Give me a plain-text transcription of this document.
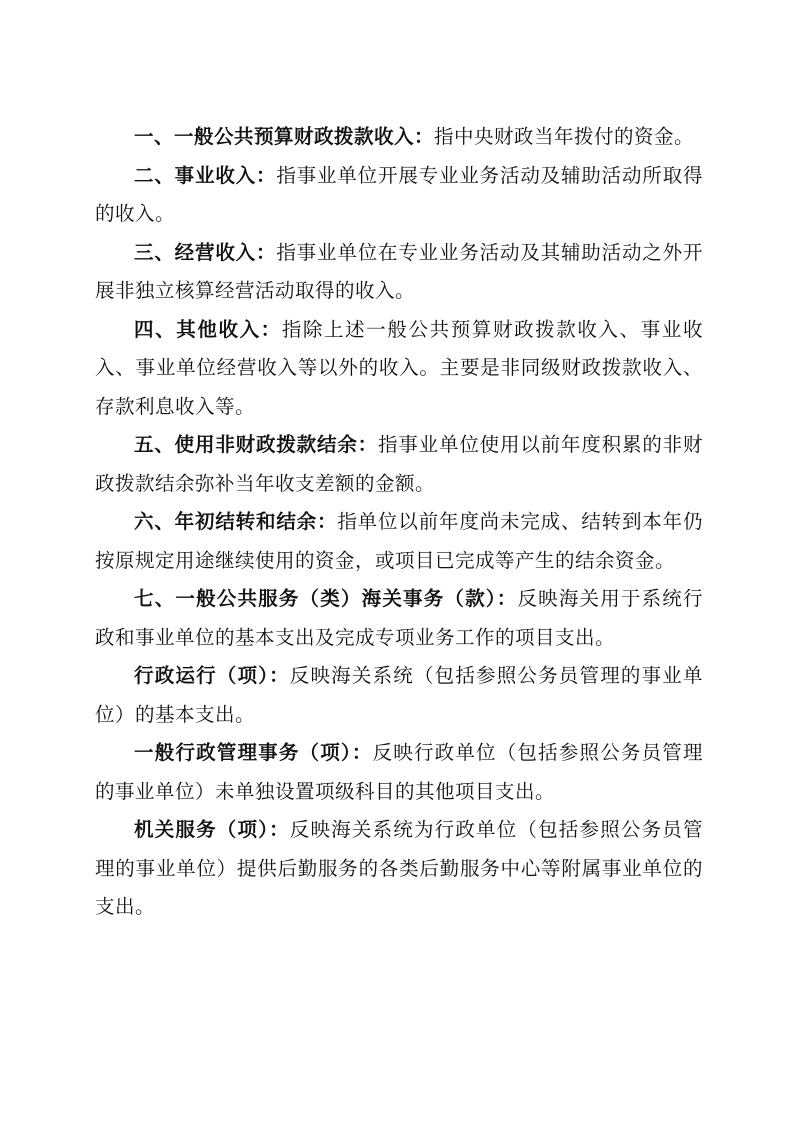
一、一般公共预算财政拨款收入：指中央财政当年拨付的资金。

二、事业收入：指事业单位开展专业业务活动及辅助活动所取得的收入。

三、经营收入：指事业单位在专业业务活动及其辅助活动之外开展非独立核算经营活动取得的收入。

四、其他收入：指除上述一般公共预算财政拨款收入、事业收入、事业单位经营收入等以外的收入。主要是非同级财政拨款收入、存款利息收入等。

五、使用非财政拨款结余：指事业单位使用以前年度积累的非财政拨款结余弥补当年收支差额的金额。

六、年初结转和结余：指单位以前年度尚未完成、结转到本年仍按原规定用途继续使用的资金，或项目已完成等产生的结余资金。

七、一般公共服务（类）海关事务（款）：反映海关用于系统行政和事业单位的基本支出及完成专项业务工作的项目支出。

行政运行（项）：反映海关系统（包括参照公务员管理的事业单位）的基本支出。

一般行政管理事务（项）：反映行政单位（包括参照公务员管理的事业单位）未单独设置项级科目的其他项目支出。

机关服务（项）：反映海关系统为行政单位（包括参照公务员管理的事业单位）提供后勤服务的各类后勤服务中心等附属事业单位的支出。
